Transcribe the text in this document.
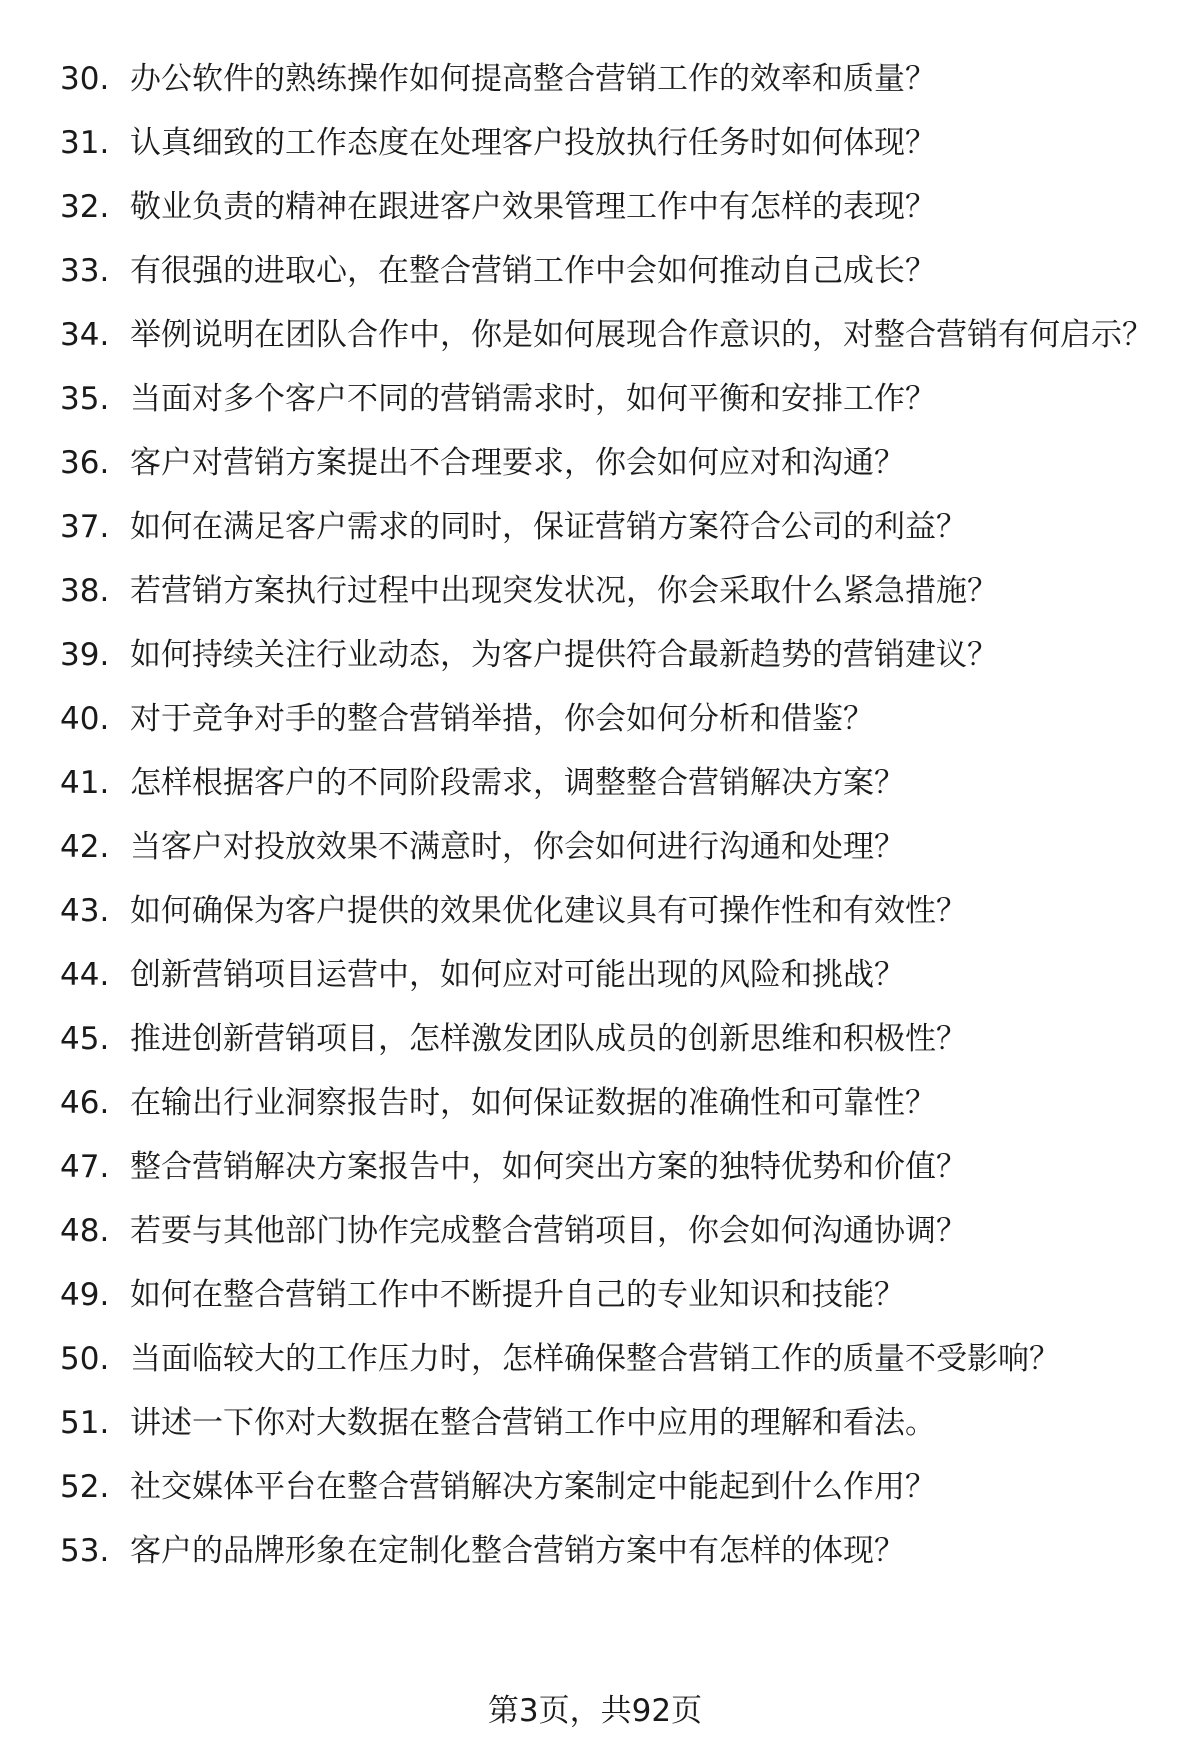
30. 办公软件的熟练操作如何提高整合营销工作的效率和质量？
31. 认真细致的工作态度在处理客户投放执行任务时如何体现？
32. 敬业负责的精神在跟进客户效果管理工作中有怎样的表现？
33. 有很强的进取心，在整合营销工作中会如何推动自己成长？
34. 举例说明在团队合作中，你是如何展现合作意识的，对整合营销有何启示？
35. 当面对多个客户不同的营销需求时，如何平衡和安排工作？
36. 客户对营销方案提出不合理要求，你会如何应对和沟通？
37. 如何在满足客户需求的同时，保证营销方案符合公司的利益？
38. 若营销方案执行过程中出现突发状况，你会采取什么紧急措施？
39. 如何持续关注行业动态，为客户提供符合最新趋势的营销建议？
40. 对于竞争对手的整合营销举措，你会如何分析和借鉴？
41. 怎样根据客户的不同阶段需求，调整整合营销解决方案？
42. 当客户对投放效果不满意时，你会如何进行沟通和处理？
43. 如何确保为客户提供的效果优化建议具有可操作性和有效性？
44. 创新营销项目运营中，如何应对可能出现的风险和挑战？
45. 推进创新营销项目，怎样激发团队成员的创新思维和积极性？
46. 在输出行业洞察报告时，如何保证数据的准确性和可靠性？
47. 整合营销解决方案报告中，如何突出方案的独特优势和价值？
48. 若要与其他部门协作完成整合营销项目，你会如何沟通协调？
49. 如何在整合营销工作中不断提升自己的专业知识和技能？
50. 当面临较大的工作压力时，怎样确保整合营销工作的质量不受影响？
51. 讲述一下你对大数据在整合营销工作中应用的理解和看法。
52. 社交媒体平台在整合营销解决方案制定中能起到什么作用？
53. 客户的品牌形象在定制化整合营销方案中有怎样的体现？
第3页，共92页
